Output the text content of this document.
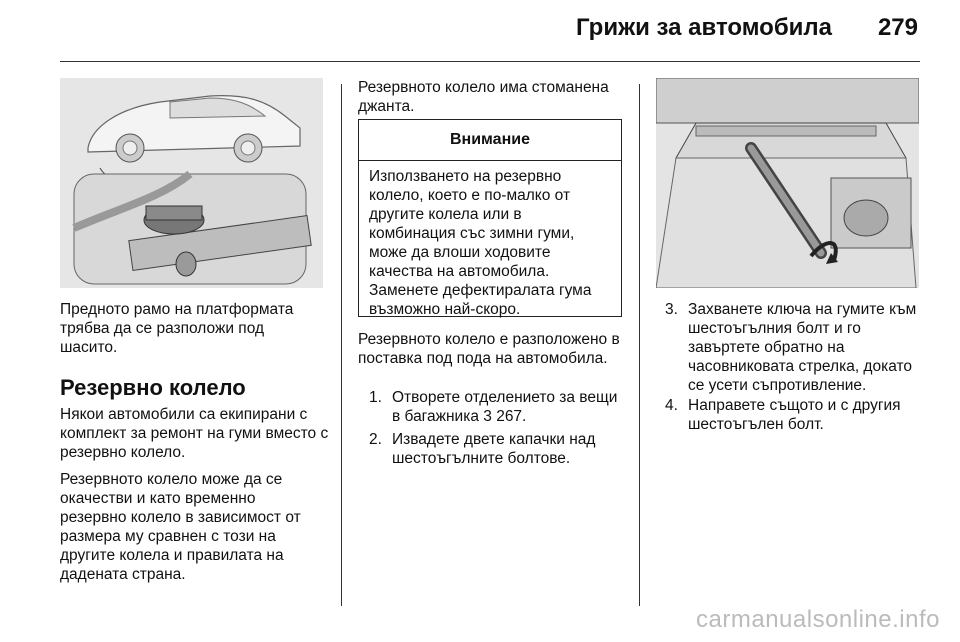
Грижи за автомобила 279
Предното рамо на платформата трябва да се разположи под шасито.
Резервно колело
Някои автомобили са екипирани с комплект за ремонт на гуми вместо с резервно колело.
Резервното колело може да се окачестви и като временно резервно колело в зависимост от размера му сравнен с този на другите колела и правилата на дадената страна.
Резервното колело има стоманена джанта.
Внимание
Използването на резервно колело, което е по-малко от другите колела или в комбинация със зимни гуми, може да влоши ходовите качества на автомобила. Заменете дефектиралата гума възможно най-скоро.
Резервното колело е разположено в поставка под пода на автомобила.
1. Отворете отделението за вещи в багажника 3 267.
2. Извадете двете капачки над шестоъгълните болтове.
3. Захванете ключа на гумите към шестоъгълния болт и го завъртете обратно на часовниковата стрелка, докато се усети съпротивление.
4. Направете същото и с другия шестоъгълен болт.
carmanualsonline.info
